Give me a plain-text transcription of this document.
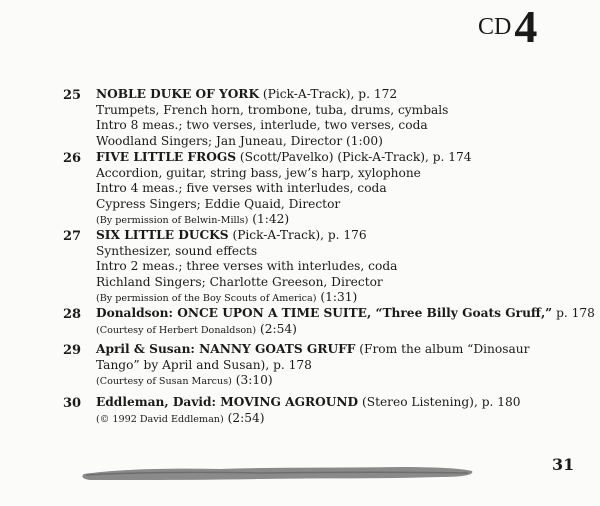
CD4
25 NOBLE DUKE OF YORK (Pick-A-Track), p. 172
Trumpets, French horn, trombone, tuba, drums, cymbals
Intro 8 meas.; two verses, interlude, two verses, coda
Woodland Singers; Jan Juneau, Director (1:00)
26 FIVE LITTLE FROGS (Scott/Pavelko) (Pick-A-Track), p. 174
Accordion, guitar, string bass, jew’s harp, xylophone
Intro 4 meas.; five verses with interludes, coda
Cypress Singers; Eddie Quaid, Director
(By permission of Belwin-Mills) (1:42)
27 SIX LITTLE DUCKS (Pick-A-Track), p. 176
Synthesizer, sound effects
Intro 2 meas.; three verses with interludes, coda
Richland Singers; Charlotte Greeson, Director
(By permission of the Boy Scouts of America) (1:31)
28 Donaldson: ONCE UPON A TIME SUITE, “Three Billy Goats Gruff,” p. 178
(Courtesy of Herbert Donaldson) (2:54)
29 April & Susan: NANNY GOATS GRUFF (From the album “Dinosaur Tango” by April and Susan), p. 178
(Courtesy of Susan Marcus) (3:10)
30 Eddleman, David: MOVING AGROUND (Stereo Listening), p. 180
(© 1992 David Eddleman) (2:54)
31
